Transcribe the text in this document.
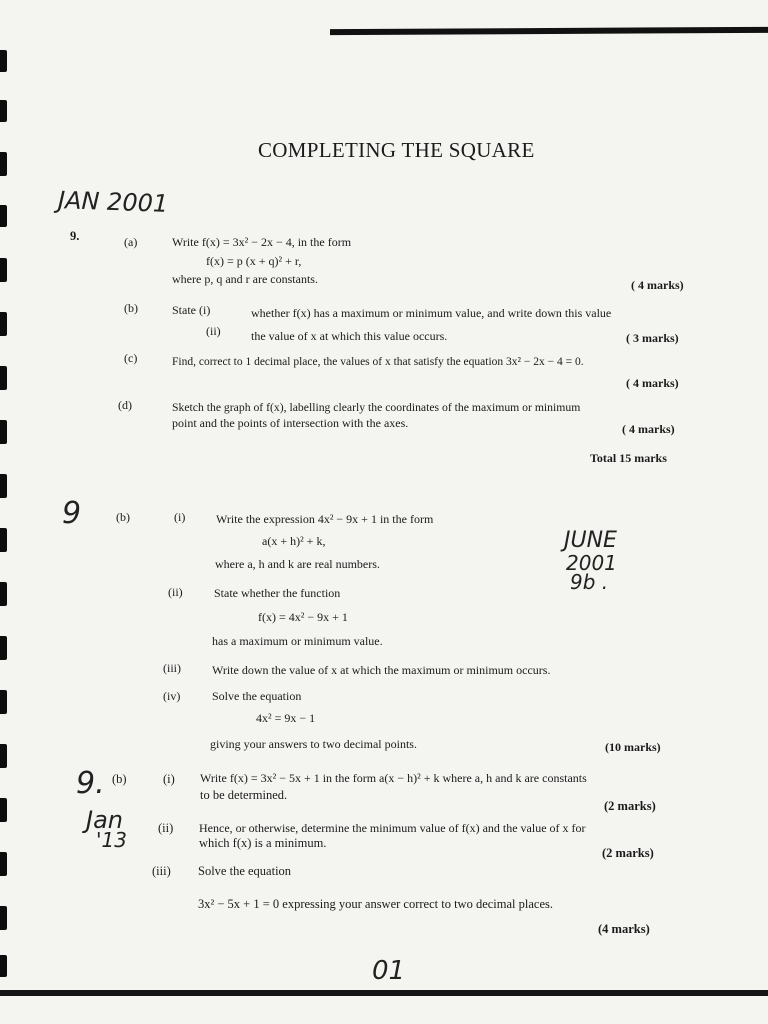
COMPLETING THE SQUARE
JAN 2001
JUNE
2001
9b .
9
9.
Jan
'13
01
9.	(a)	Write f(x) = 3x² − 2x − 4, in the form
f(x) = p (x + q)² + r,
where p, q and r are constants.	( 4 marks)
(b)	State (i)	whether f(x) has a maximum or minimum value, and write down this value
(ii)	the value of x at which this value occurs.	( 3 marks)
(c)	Find, correct to 1 decimal place, the values of x that satisfy the equation 3x² − 2x − 4 = 0.
( 4 marks)
(d)	Sketch the graph of f(x), labelling clearly the coordinates of the maximum or minimum
point and the points of intersection with the axes.	( 4 marks)
Total 15 marks
(b)	(i)	Write the expression 4x² − 9x + 1 in the form
a(x + h)² + k,
where a, h and k are real numbers.
(ii)	State whether the function
f(x) = 4x² − 9x + 1
has a maximum or minimum value.
(iii)	Write down the value of x at which the maximum or minimum occurs.
(iv)	Solve the equation
4x² = 9x − 1
giving your answers to two decimal points.	(10 marks)
(b)	(i) Write f(x) = 3x² − 5x + 1 in the form a(x − h)² + k where a, h and k are constants
to be determined.
(2 marks)
(ii) Hence, or otherwise, determine the minimum value of f(x) and the value of x for
which f(x) is a minimum.
(2 marks)
(iii) Solve the equation
3x² − 5x + 1 = 0 expressing your answer correct to two decimal places.
(4 marks)
